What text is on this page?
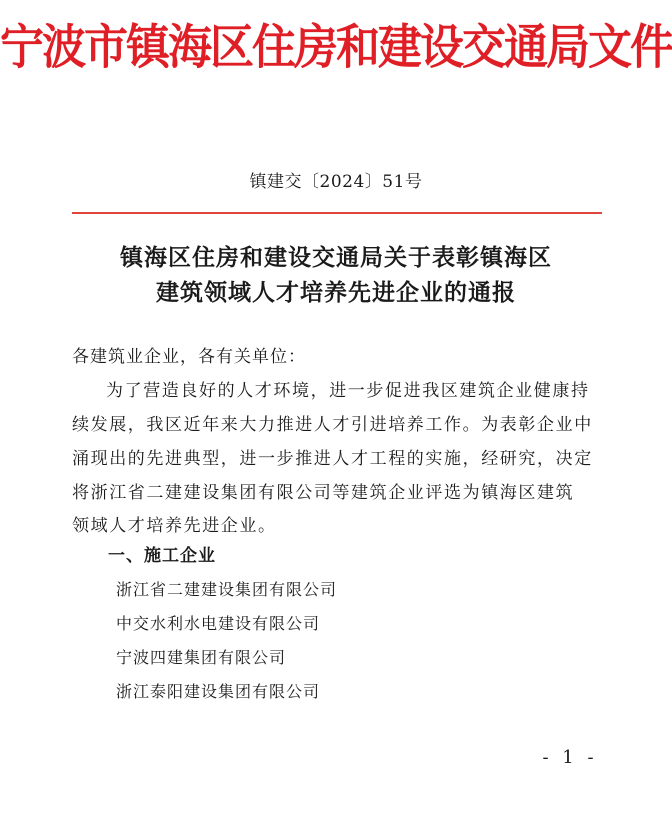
宁波市镇海区住房和建设交通局文件
镇建交〔2024〕51号
镇海区住房和建设交通局关于表彰镇海区
建筑领域人才培养先进企业的通报
各建筑业企业，各有关单位：
为了营造良好的人才环境，进一步促进我区建筑企业健康持
续发展，我区近年来大力推进人才引进培养工作。为表彰企业中
涌现出的先进典型，进一步推进人才工程的实施，经研究，决定
将浙江省二建建设集团有限公司等建筑企业评选为镇海区建筑
领域人才培养先进企业。
一、施工企业
浙江省二建建设集团有限公司
中交水利水电建设有限公司
宁波四建集团有限公司
浙江泰阳建设集团有限公司
- 1 -
